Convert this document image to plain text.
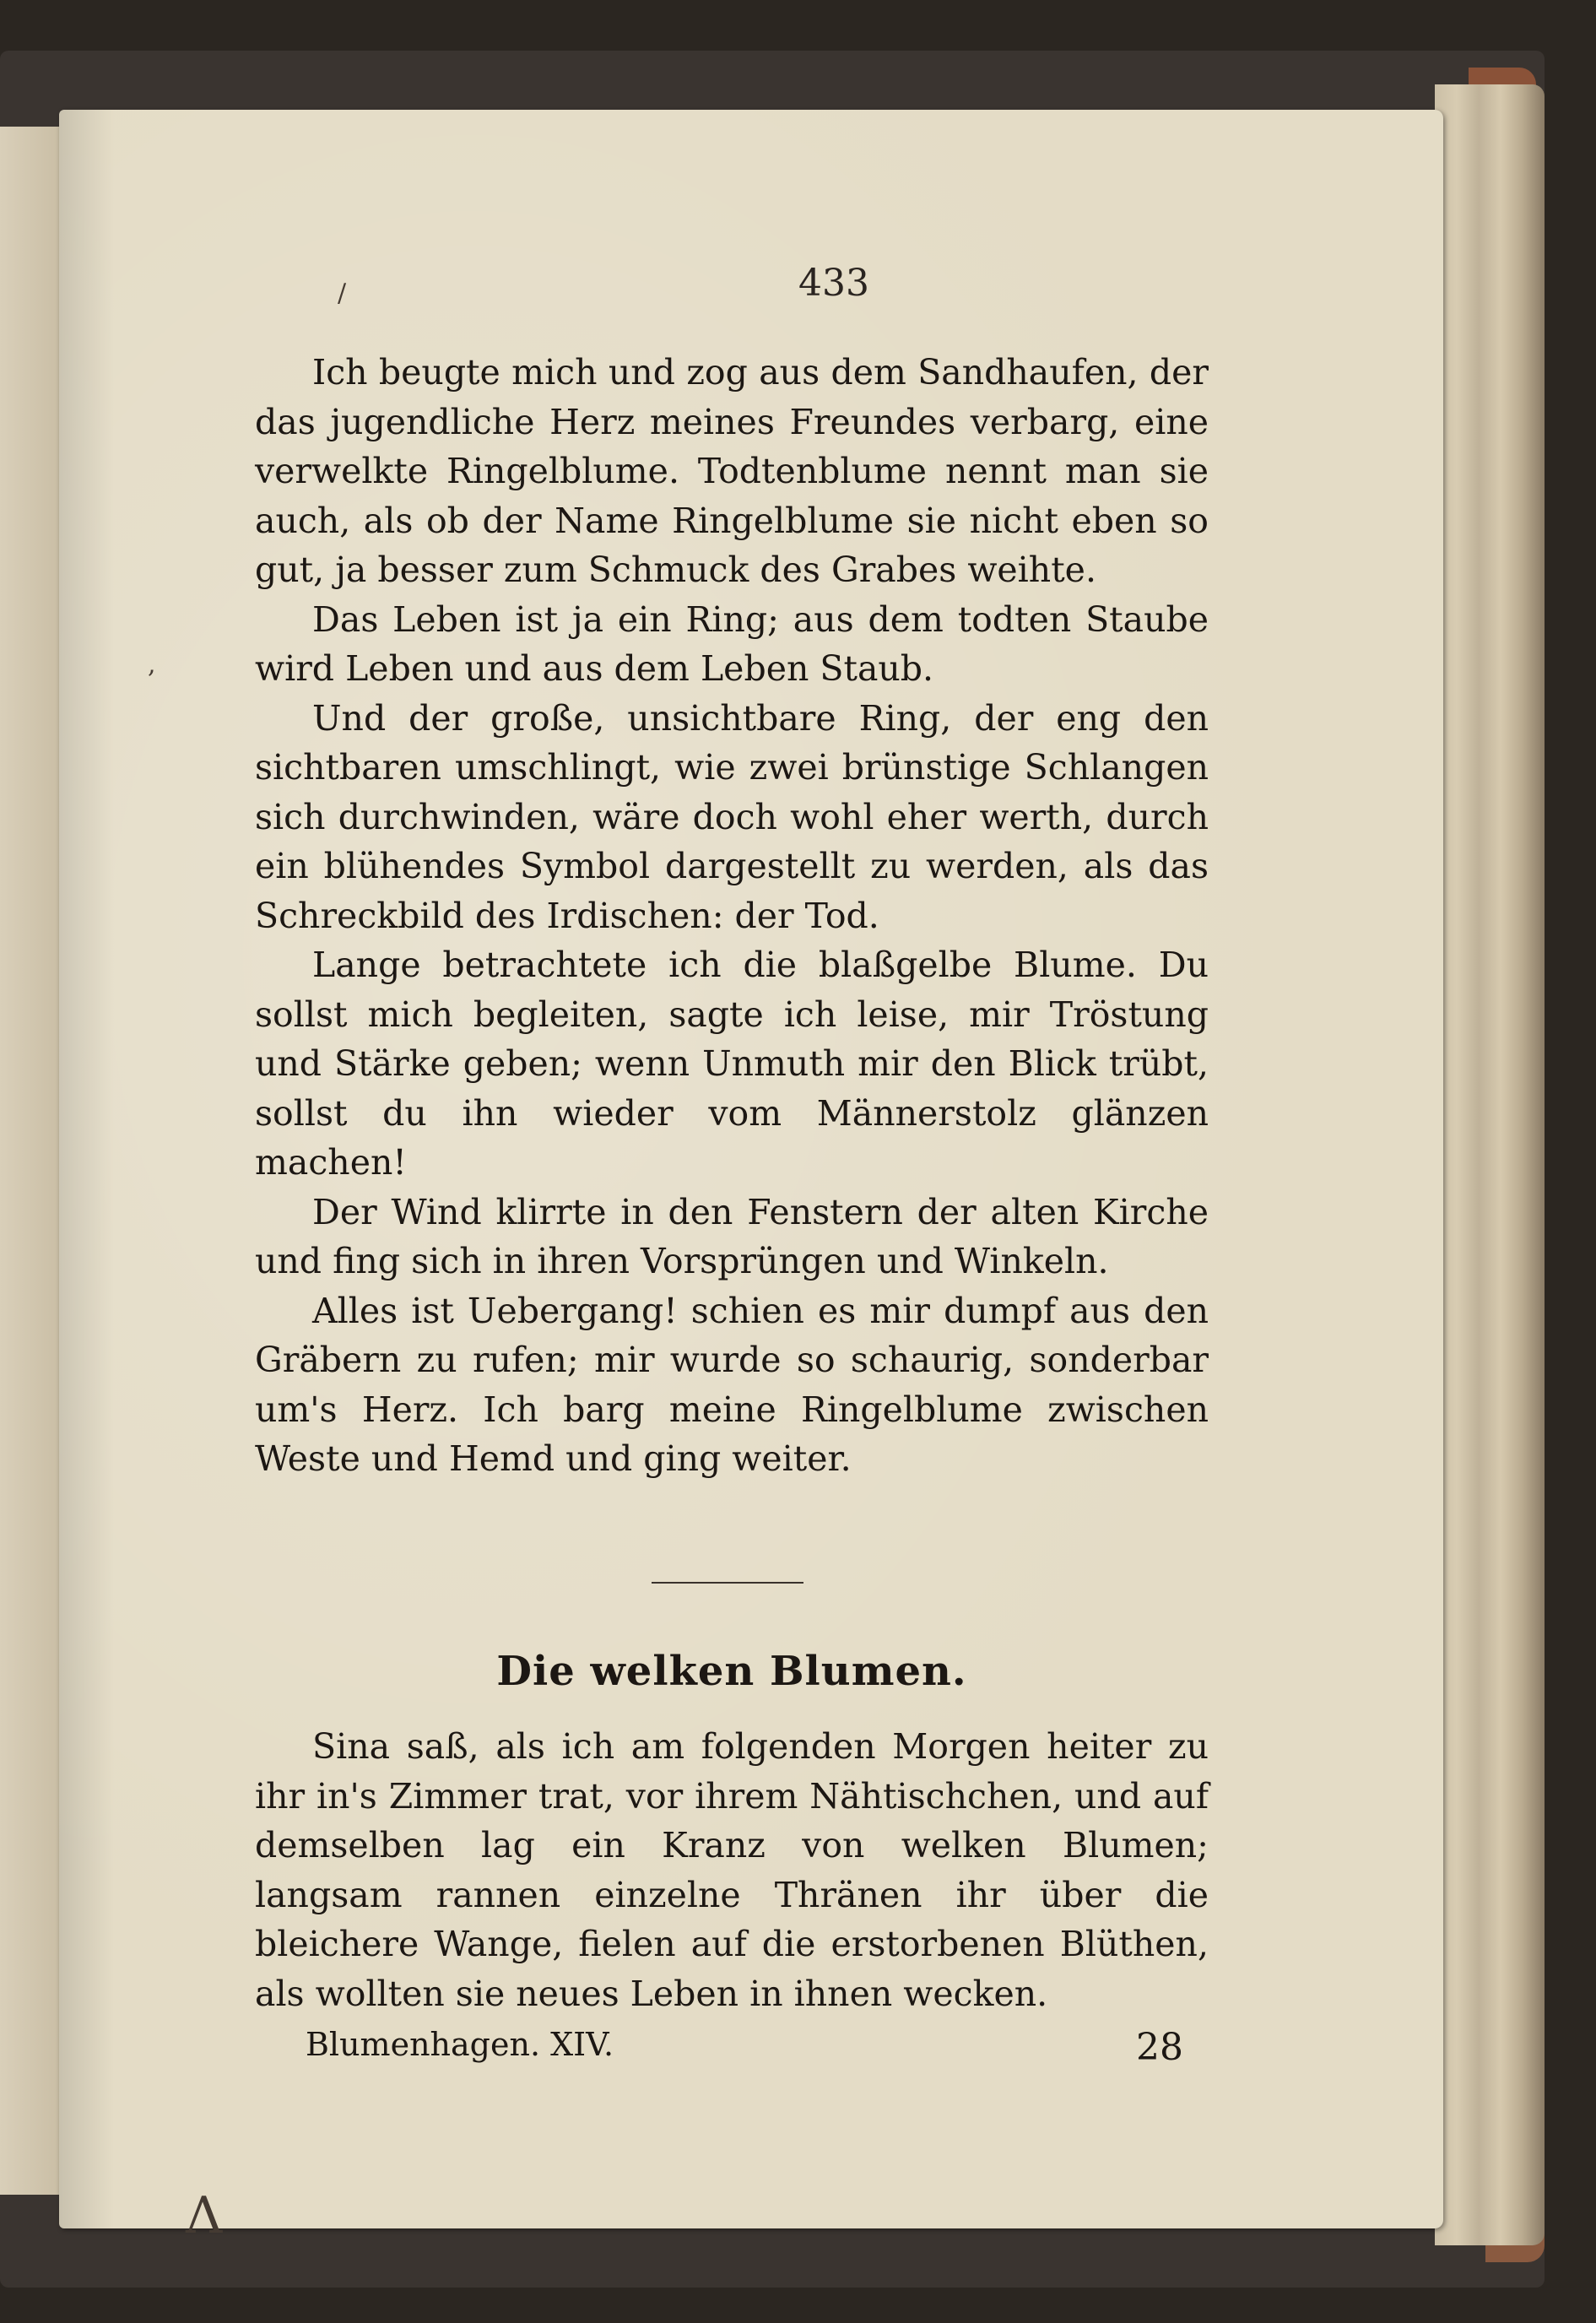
/
,
Λ
433

Ich beugte mich und zog aus dem Sandhaufen, der das jugendliche Herz meines Freundes verbarg, eine verwelkte Ringelblume. Todtenblume nennt man sie auch, als ob der Name Ringelblume sie nicht eben so gut, ja besser zum Schmuck des Grabes weihte.

Das Leben ist ja ein Ring; aus dem todten Staube wird Leben und aus dem Leben Staub.

Und der große, unsichtbare Ring, der eng den sichtbaren umschlingt, wie zwei brünstige Schlangen sich durchwinden, wäre doch wohl eher werth, durch ein blühendes Symbol dargestellt zu werden, als das Schreckbild des Irdischen: der Tod.

Lange betrachtete ich die blaßgelbe Blume. Du sollst mich begleiten, sagte ich leise, mir Tröstung und Stärke geben; wenn Unmuth mir den Blick trübt, sollst du ihn wieder vom Männerstolz glänzen machen!

Der Wind klirrte in den Fenstern der alten Kirche und fing sich in ihren Vorsprüngen und Winkeln.

Alles ist Uebergang! schien es mir dumpf aus den Gräbern zu rufen; mir wurde so schaurig, sonderbar um's Herz. Ich barg meine Ringelblume zwischen Weste und Hemd und ging weiter.

Die welken Blumen.

Sina saß, als ich am folgenden Morgen heiter zu ihr in's Zimmer trat, vor ihrem Nähtischchen, und auf demselben lag ein Kranz von welken Blumen; langsam rannen einzelne Thränen ihr über die bleichere Wange, fielen auf die erstorbenen Blüthen, als wollten sie neues Leben in ihnen wecken.

Blumenhagen. XIV.	28
